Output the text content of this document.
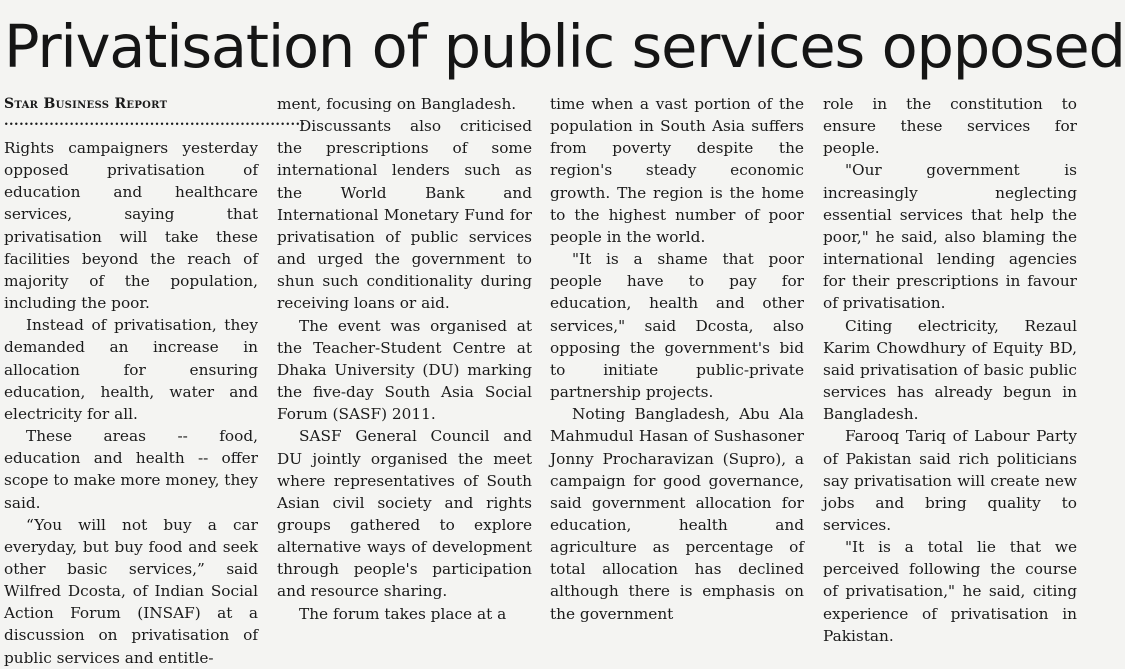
Privatisation of public services opposed
Star Business Report
............................................................

Rights campaigners yesterday opposed privatisation of education and healthcare services, saying that privatisation will take these facilities beyond the reach of majority of the population, including the poor.

Instead of privatisation, they demanded an increase in allocation for ensuring education, health, water and electricity for all.

These areas -- food, education and health -- offer scope to make more money, they said.

“You will not buy a car everyday, but buy food and seek other basic services,” said Wilfred Dcosta, of Indian Social Action Forum (INSAF) at a discussion on privatisation of public services and entitle-

ment, focusing on Bangladesh.

Discussants also criticised the prescriptions of some international lenders such as the World Bank and International Monetary Fund for privatisation of public services and urged the government to shun such conditionality during receiving loans or aid.

The event was organised at the Teacher-Student Centre at Dhaka University (DU) marking the five-day South Asia Social Forum (SASF) 2011.

SASF General Council and DU jointly organised the meet where representatives of South Asian civil society and rights groups gathered to explore alternative ways of development through people's participation and resource sharing.

The forum takes place at a

time when a vast portion of the population in South Asia suffers from poverty despite the region's steady economic growth. The region is the home to the highest number of poor people in the world.

"It is a shame that poor people have to pay for education, health and other services," said Dcosta, also opposing the government's bid to initiate public-private partnership projects.

Noting Bangladesh, Abu Ala Mahmudul Hasan of Sushasoner Jonny Procharavizan (Supro), a campaign for good governance, said government allocation for education, health and agriculture as percentage of total allocation has declined although there is emphasis on the government

role in the constitution to ensure these services for people.

"Our government is increasingly neglecting essential services that help the poor," he said, also blaming the international lending agencies for their prescriptions in favour of privatisation.

Citing electricity, Rezaul Karim Chowdhury of Equity BD, said privatisation of basic public services has already begun in Bangladesh.

Farooq Tariq of Labour Party of Pakistan said rich politicians say privatisation will create new jobs and bring quality to services.

"It is a total lie that we perceived following the course of privatisation," he said, citing experience of privatisation in Pakistan.
